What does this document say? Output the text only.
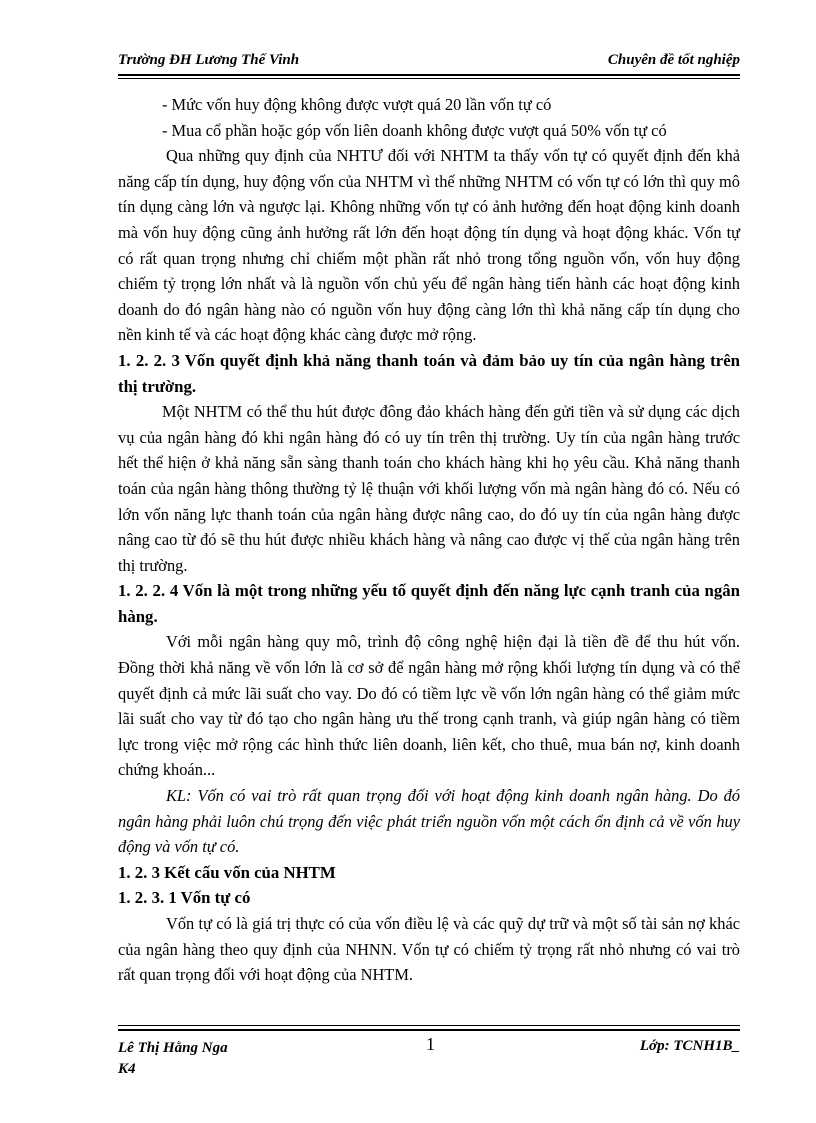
Trường ĐH Lương Thế Vinh	Chuyên đề tốt nghiệp

- Mức vốn huy động không được vượt quá 20 lần vốn tự có

- Mua cổ phần hoặc góp vốn liên doanh không được vượt quá 50% vốn tự có

Qua những quy định của NHTƯ đối với NHTM ta thấy vốn tự có quyết định đến khả năng cấp tín dụng, huy động vốn của NHTM vì thế những NHTM có vốn tự có lớn thì quy mô tín dụng càng lớn và ngược lại. Không những vốn tự có ảnh hưởng đến hoạt động kinh doanh mà vốn huy động cũng ảnh hưởng rất lớn đến hoạt động tín dụng và hoạt động khác. Vốn tự có rất quan trọng nhưng chỉ chiếm một phần rất nhỏ trong tổng nguồn vốn, vốn huy động chiếm tỷ trọng lớn nhất và là nguồn vốn chủ yếu để ngân hàng tiến hành các hoạt động kinh doanh do đó ngân hàng nào có nguồn vốn huy động càng lớn thì khả năng cấp tín dụng cho nền kinh tế và các hoạt động khác càng được mở rộng.

1. 2. 2. 3 Vốn quyết định khả năng thanh toán và đảm bảo uy tín của ngân hàng trên thị trường.

Một NHTM có thể thu hút được đông đảo khách hàng đến gửi tiền và sử dụng các dịch vụ của ngân hàng đó khi ngân hàng đó có uy tín trên thị trường. Uy tín của ngân hàng trước hết thể hiện ở khả năng sẵn sàng thanh toán cho khách hàng khi họ yêu cầu. Khả năng thanh toán của ngân hàng thông thường tỷ lệ thuận với khối lượng vốn mà ngân hàng đó có. Nếu có lớn vốn năng lực thanh toán của ngân hàng được nâng cao, do đó uy tín của ngân hàng được nâng cao từ đó sẽ thu hút được nhiều khách hàng và nâng cao được vị thế của ngân hàng trên thị trường.

1. 2. 2. 4 Vốn là một trong những yếu tố quyết định đến năng lực cạnh tranh của ngân hàng.

Với mỗi ngân hàng quy mô, trình độ công nghệ hiện đại là tiền đề để thu hút vốn. Đồng thời khả năng về vốn lớn là cơ sở để ngân hàng mở rộng khối lượng tín dụng và có thể quyết định cả mức lãi suất cho vay. Do đó có tiềm lực về vốn lớn ngân hàng có thể giảm mức lãi suất cho vay từ đó tạo cho ngân hàng ưu thế trong cạnh tranh, và giúp ngân hàng có tiềm lực trong việc mở rộng các hình thức liên doanh, liên kết, cho thuê, mua bán nợ, kinh doanh chứng khoán...

KL: Vốn có vai trò rất quan trọng đối với hoạt động kinh doanh ngân hàng. Do đó ngân hàng phải luôn chú trọng đến việc phát triển nguồn vốn một cách ổn định cả về vốn huy động và vốn tự có.

1. 2. 3 Kết cấu vốn của NHTM

1. 2. 3. 1 Vốn tự có

Vốn tự có là giá trị thực có của vốn điều lệ và các quỹ dự trữ và một số tài sản nợ khác của ngân hàng theo quy định của NHNN. Vốn tự có chiếm tỷ trọng rất nhỏ nhưng có vai trò rất quan trọng đối với hoạt động của NHTM.

Lê Thị Hằng Nga
K4
1	Lớp: TCNH1B_
